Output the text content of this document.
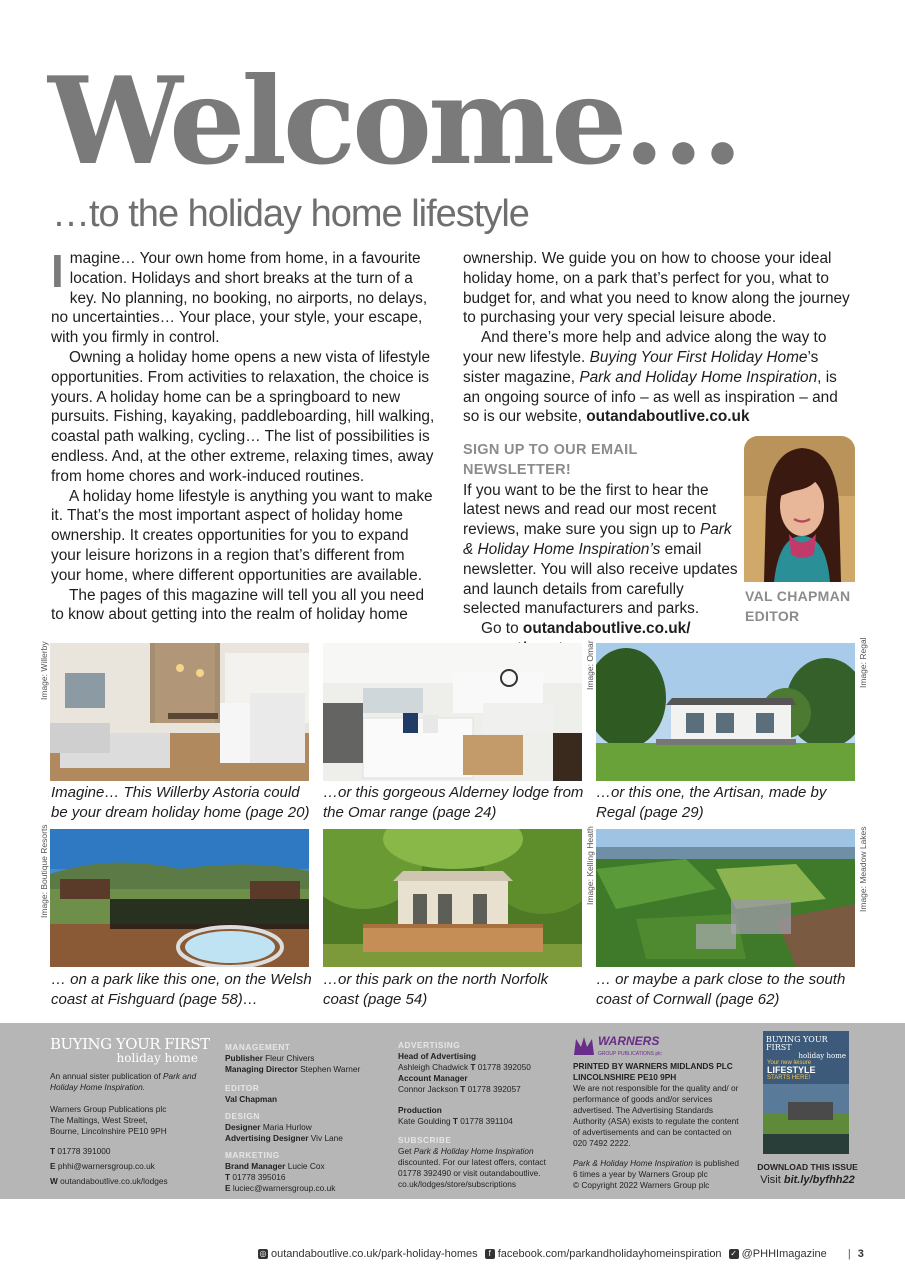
Welcome…
…to the holiday home lifestyle

Imagine… Your own home from home, in a favourite location. Holidays and short breaks at the turn of a key. No planning, no booking, no airports, no delays, no uncertainties… Your place, your style, your escape, with you firmly in control.

Owning a holiday home opens a new vista of lifestyle opportunities. From activities to relaxation, the choice is yours. A holiday home can be a springboard to new pursuits. Fishing, kayaking, paddleboarding, hill walking, coastal path walking, cycling… The list of possibilities is endless. And, at the other extreme, relaxing times, away from home chores and work-induced routines.

A holiday home lifestyle is anything you want to make it. That’s the most important aspect of holiday home ownership. It creates opportunities for you to expand your leisure horizons in a region that’s different from your home, where different opportunities are available.

The pages of this magazine will tell you all you need to know about getting into the realm of holiday home

ownership. We guide you on how to choose your ideal holiday home, on a park that’s perfect for you, what to budget for, and what you need to know along the journey to purchasing your very special leisure abode.

And there’s more help and advice along the way to your new lifestyle. Buying Your First Holiday Home’s sister magazine, Park and Holiday Home Inspiration, is an ongoing source of info – as well as inspiration – and so is our website, outandaboutlive.co.uk

SIGN UP TO OUR EMAIL NEWSLETTER!

If you want to be the first to hear the latest news and read our most recent reviews, make sure you sign up to Park & Holiday Home Inspiration’s email newsletter. You will also receive updates and launch details from carefully selected manufacturers and parks.

Go to outandaboutlive.co.uk/

VAL CHAPMAN
EDITOR
Image: Willerby	Image: Omar	Image: Regal
Imagine… This Willerby Astoria could be your dream holiday home (page 20)
…or this gorgeous Alderney lodge from the Omar range (page 24)
…or this one, the Artisan, made by Regal (page 29)
Image: Boutique Resorts	Image: Kelling Heath	Image: Meadow Lakes
… on a park like this one, on the Welsh coast at Fishguard (page 58)…
…or this park on the north Norfolk coast (page 54)
… or maybe a park close to the south coast of Cornwall (page 62)
BUYING YOUR FIRST
holiday home
An annual sister publication of Park and Holiday Home Inspiration.
Warners Group Publications plc
The Maltings, West Street,
Bourne, Lincolnshire PE10 9PH
T 01778 391000
E phhi@warnersgroup.co.uk
W outandaboutlive.co.uk/lodges
MANAGEMENT
Publisher Fleur Chivers
Managing Director Stephen Warner
EDITOR
Val Chapman
DESIGN
Designer Maria Hurlow
Advertising Designer Viv Lane
MARKETING
Brand Manager Lucie Cox
T 01778 395016
E luciec@warnersgroup.co.uk
ADVERTISING
Head of Advertising
Ashleigh Chadwick T 01778 392050
Account Manager
Connor Jackson T 01778 392057
Production
Kate Goulding T 01778 391104
SUBSCRIBE
Get Park & Holiday Home Inspiration discounted. For our latest offers, contact 01778 392490 or visit outandaboutlive. co.uk/lodges/store/subscriptions
WARNERS
GROUP PUBLICATIONS plc
PRINTED BY WARNERS MIDLANDS PLC LINCOLNSHIRE PE10 9PH
We are not responsible for the quality and/ or performance of goods and/or services advertised. The Advertising Standards Authority (ASA) exists to regulate the content of advertisements and can be contacted on 020 7492 2222.
Park & Holiday Home Inspiration is published 6 times a year by Warners Group plc
© Copyright 2022 Warners Group plc
BUYING YOUR FIRST
holiday home
Your new leisure
LIFESTYLE
STARTS HERE!
DOWNLOAD THIS ISSUE
Visit bit.ly/byfhh22
◎ outandaboutlive.co.uk/park-holiday-homes f facebook.com/parkandholidayhomeinspiration ✓ @PHHImagazine | 3
